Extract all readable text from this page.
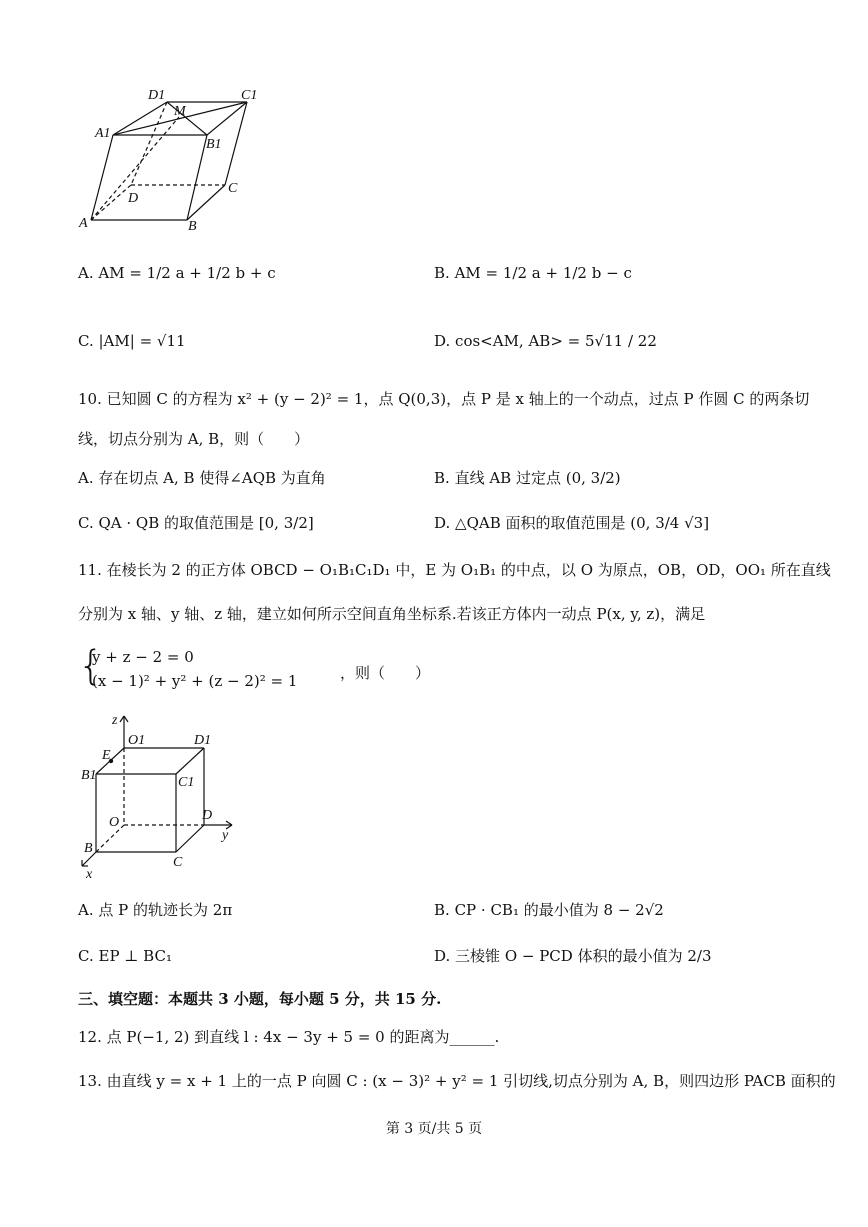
D1
M
C1
A1
B1
D
C
A	B
A. AM = 1/2 a + 1/2 b + c	B. AM = 1/2 a + 1/2 b − c
C. |AM| = √11	D. cos<AM, AB> = 5√11 / 22
10. 已知圆 C 的方程为 x² + (y − 2)² = 1，点 Q(0,3)，点 P 是 x 轴上的一个动点，过点 P 作圆 C 的两条切
线，切点分别为 A, B，则（　　）
A. 存在切点 A, B 使得∠AQB 为直角	B. 直线 AB 过定点 (0, 3/2)
C. QA · QB 的取值范围是 [0, 3/2]	D. △QAB 面积的取值范围是 (0, 3/4 √3]
11. 在棱长为 2 的正方体 OBCD − O₁B₁C₁D₁ 中，E 为 O₁B₁ 的中点，以 O 为原点，OB，OD，OO₁ 所在直线
分别为 x 轴、y 轴、z 轴，建立如何所示空间直角坐标系.若该正方体内一动点 P(x, y, z)，满足
{
y + z − 2 = 0
(x − 1)² + y² + (z − 2)² = 1	，则（　　）
z
O1	D1
E
B1	C1
O	D
y
B
C
x
A. 点 P 的轨迹长为 2π	B. CP · CB₁ 的最小值为 8 − 2√2
C. EP ⊥ BC₁	D. 三棱锥 O − PCD 体积的最小值为 2/3
三、填空题：本题共 3 小题，每小题 5 分，共 15 分.
12. 点 P(−1, 2) 到直线 l : 4x − 3y + 5 = 0 的距离为______.
13. 由直线 y = x + 1 上的一点 P 向圆 C : (x − 3)² + y² = 1 引切线,切点分别为 A, B，则四边形 PACB 面积的
第 3 页/共 5 页
